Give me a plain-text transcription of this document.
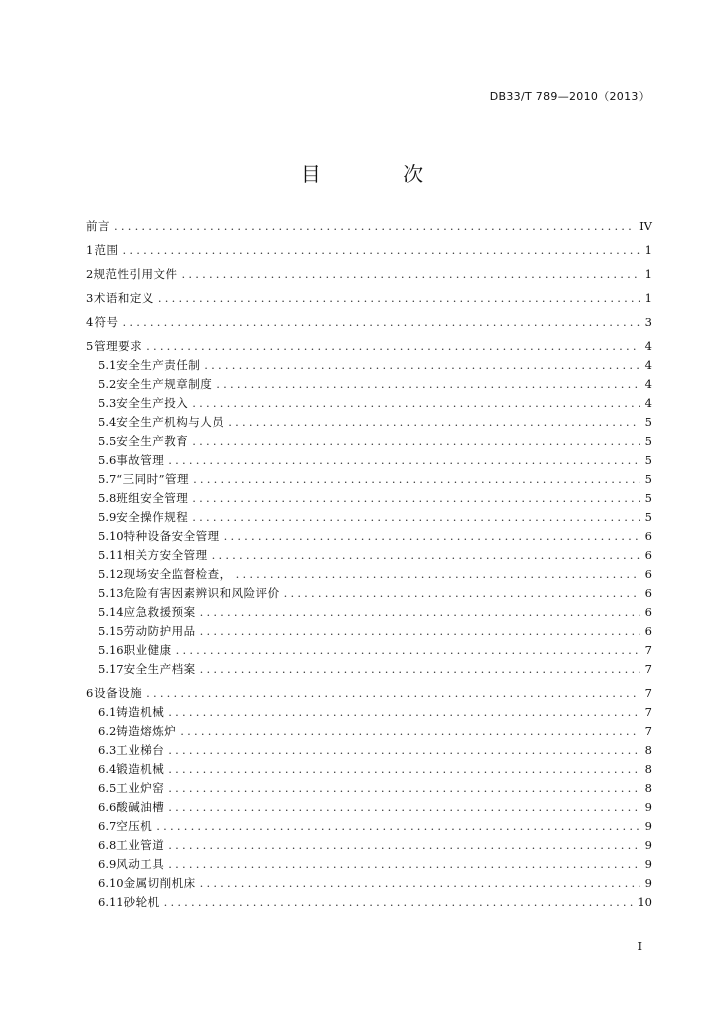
DB33/T 789—2010（2013）
目 次
前言 .....	IV
1 范围 .....	1
2 规范性引用文件 .....	1
3 术语和定义 .....	1
4 符号 .....	3
5 管理要求 .....	4
5.1 安全生产责任制 .....	4
5.2 安全生产规章制度 .....	4
5.3 安全生产投入 .....	4
5.4 安全生产机构与人员 .....	5
5.5 安全生产教育 .....	5
5.6 事故管理 .....	5
5.7 “三同时”管理 .....	5
5.8 班组安全管理 .....	5
5.9 安全操作规程 .....	5
5.10 特种设备安全管理 .....	6
5.11 相关方安全管理 .....	6
5.12 现场安全监督检查， .....	6
5.13 危险有害因素辨识和风险评价 .....	6
5.14 应急救援预案 .....	6
5.15 劳动防护用品 .....	6
5.16 职业健康 .....	7
5.17 安全生产档案 .....	7
6 设备设施 .....	7
6.1 铸造机械 .....	7
6.2 铸造熔炼炉 .....	7
6.3 工业梯台 .....	8
6.4 锻造机械 .....	8
6.5 工业炉窑 .....	8
6.6 酸碱油槽 .....	9
6.7 空压机 .....	9
6.8 工业管道 .....	9
6.9 风动工具 .....	9
6.10 金属切削机床 .....	9
6.11 砂轮机 .....	10
I
